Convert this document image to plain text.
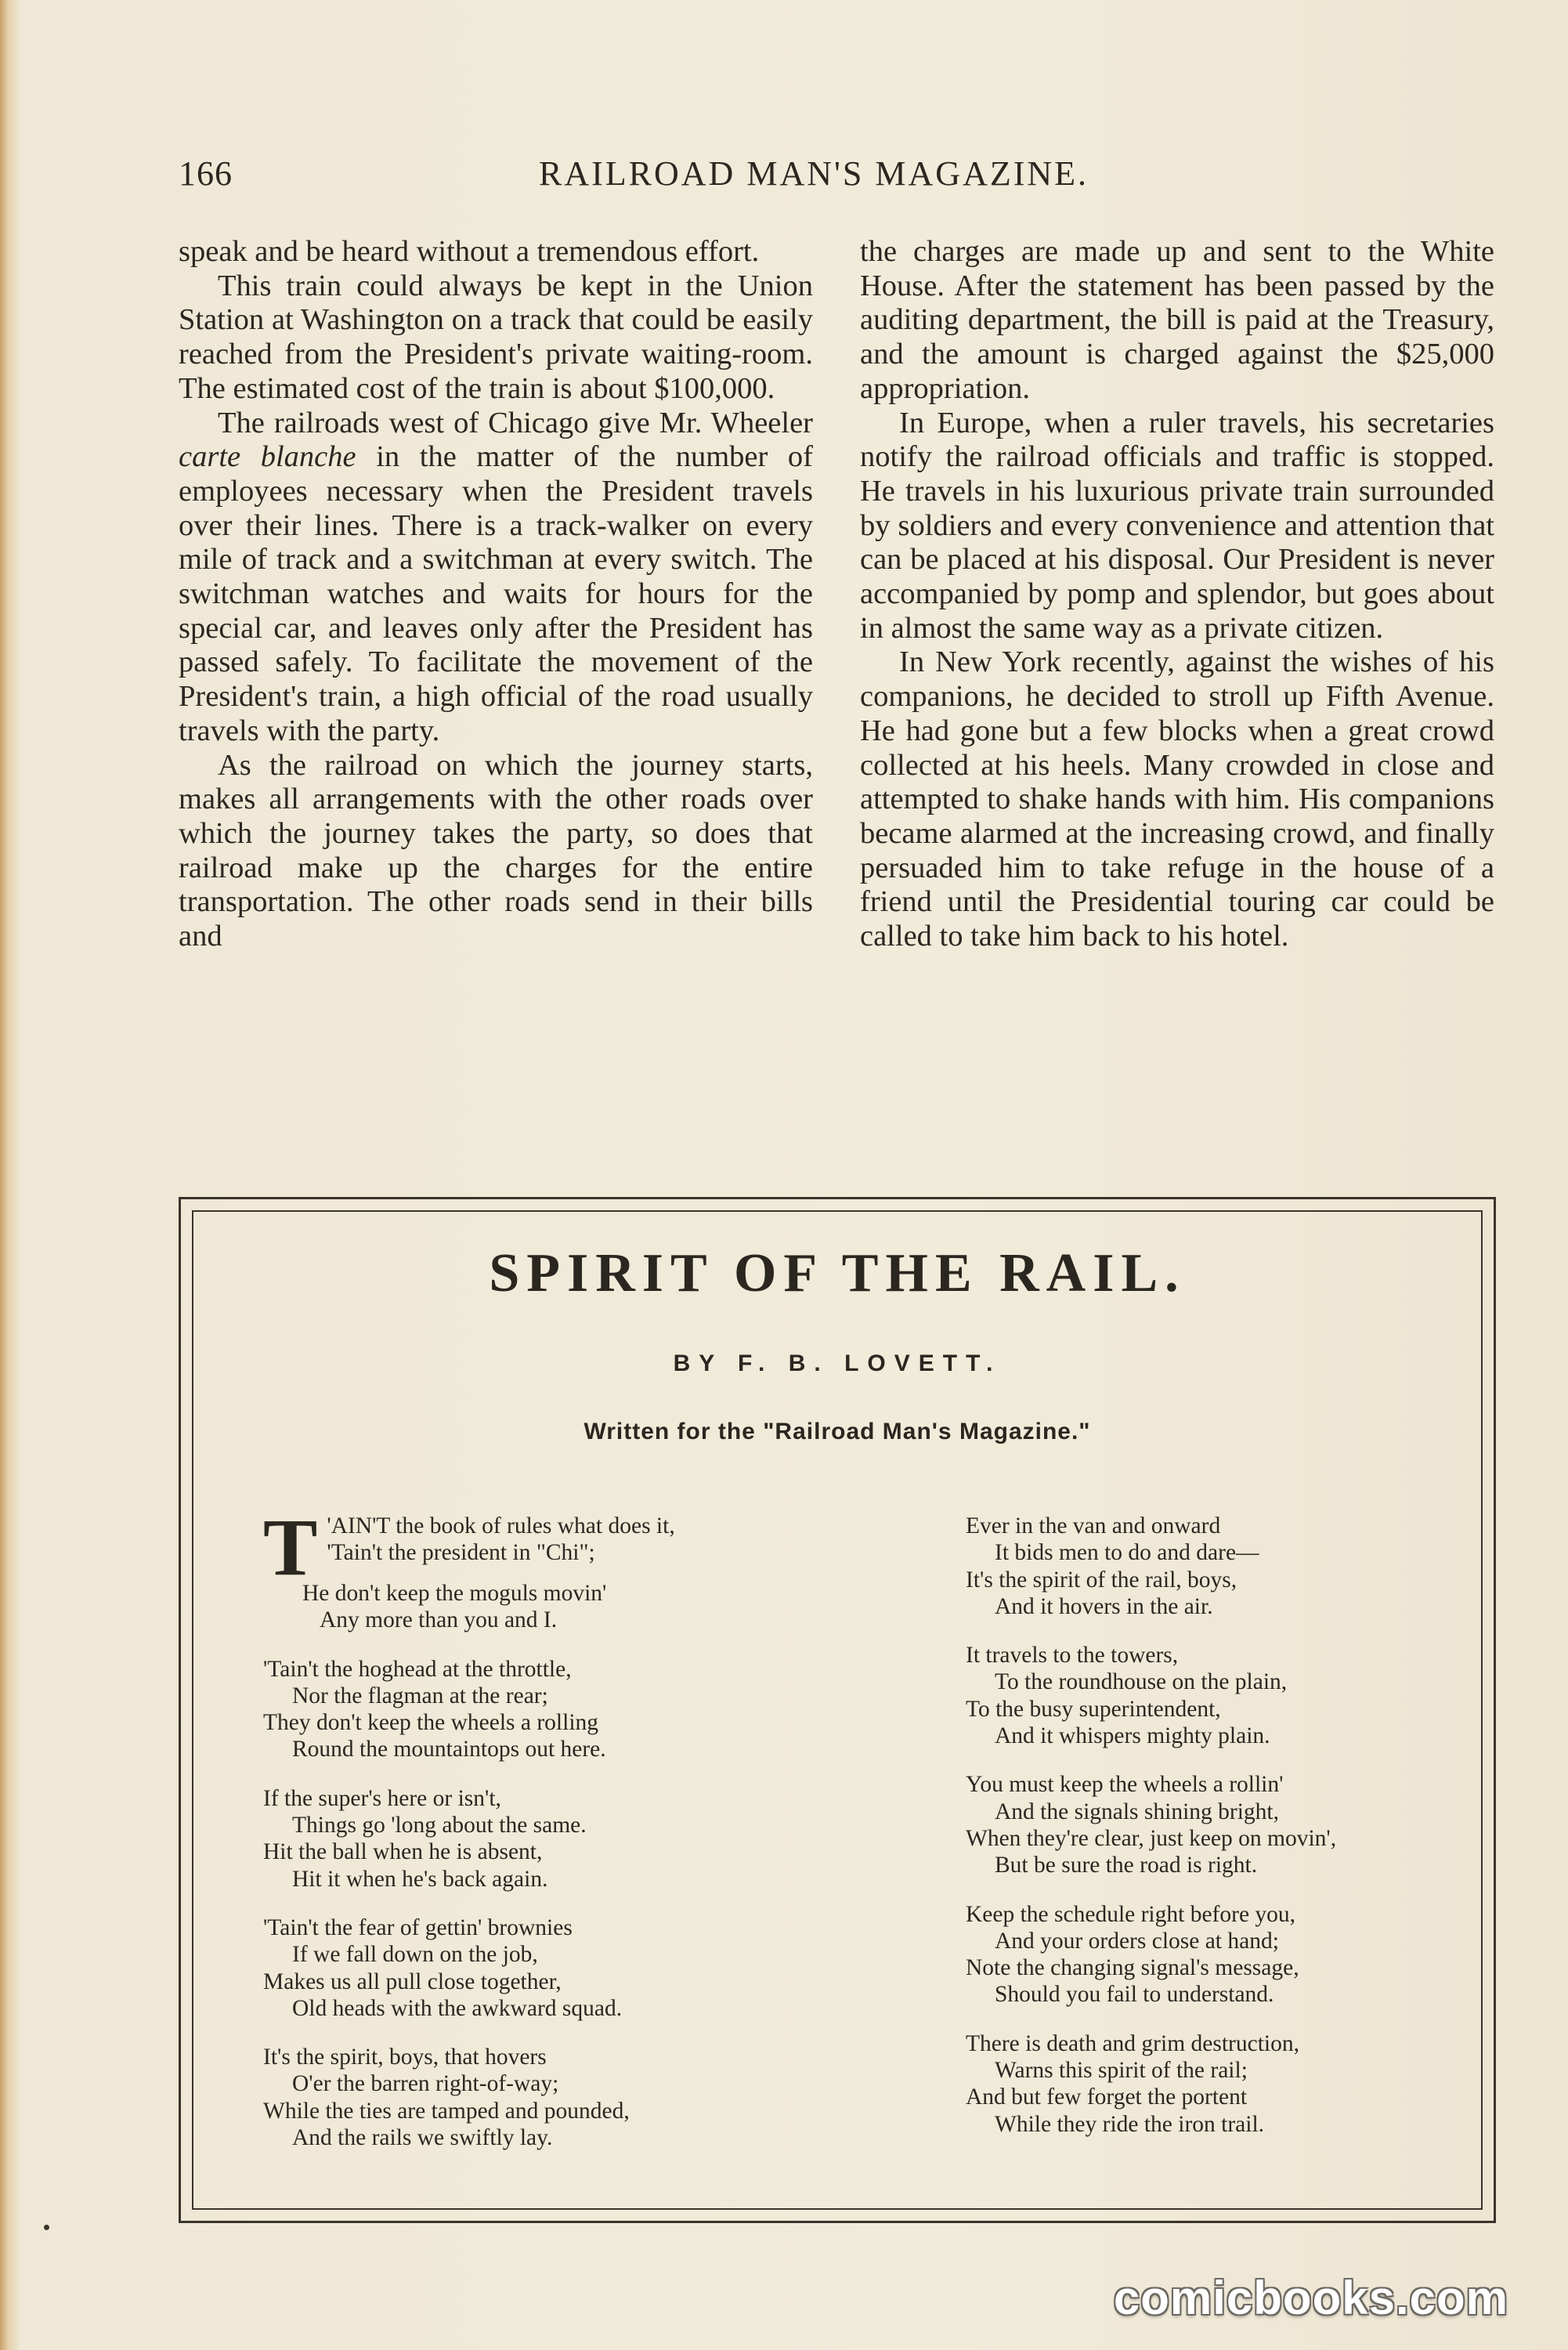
166	RAILROAD MAN'S MAGAZINE.

speak and be heard without a tremendous effort.

This train could always be kept in the Union Station at Washington on a track that could be easily reached from the President's private waiting-room. The estimated cost of the train is about $100,000.

The railroads west of Chicago give Mr. Wheeler carte blanche in the matter of the number of employees necessary when the President travels over their lines. There is a track-walker on every mile of track and a switchman at every switch. The switchman watches and waits for hours for the special car, and leaves only after the President has passed safely. To facilitate the movement of the President's train, a high official of the road usually travels with the party.

As the railroad on which the journey starts, makes all arrangements with the other roads over which the journey takes the party, so does that railroad make up the charges for the entire transportation. The other roads send in their bills and

the charges are made up and sent to the White House. After the statement has been passed by the auditing department, the bill is paid at the Treasury, and the amount is charged against the $25,000 appropriation.

In Europe, when a ruler travels, his secretaries notify the railroad officials and traffic is stopped. He travels in his luxurious private train surrounded by soldiers and every convenience and attention that can be placed at his disposal. Our President is never accompanied by pomp and splendor, but goes about in almost the same way as a private citizen.

In New York recently, against the wishes of his companions, he decided to stroll up Fifth Avenue. He had gone but a few blocks when a great crowd collected at his heels. Many crowded in close and attempted to shake hands with him. His companions became alarmed at the increasing crowd, and finally persuaded him to take refuge in the house of a friend until the Presidential touring car could be called to take him back to his hotel.

SPIRIT OF THE RAIL.
BY F. B. LOVETT.
Written for the "Railroad Man's Magazine."
T 'AIN'T the book of rules what does it,
'Tain't the president in "Chi";
He don't keep the moguls movin'
Any more than you and I.
'Tain't the hoghead at the throttle,
Nor the flagman at the rear;
They don't keep the wheels a rolling
Round the mountaintops out here.
If the super's here or isn't,
Things go 'long about the same.
Hit the ball when he is absent,
Hit it when he's back again.
'Tain't the fear of gettin' brownies
If we fall down on the job,
Makes us all pull close together,
Old heads with the awkward squad.
It's the spirit, boys, that hovers
O'er the barren right-of-way;
While the ties are tamped and pounded,
And the rails we swiftly lay.
Ever in the van and onward
It bids men to do and dare—
It's the spirit of the rail, boys,
And it hovers in the air.
It travels to the towers,
To the roundhouse on the plain,
To the busy superintendent,
And it whispers mighty plain.
You must keep the wheels a rollin'
And the signals shining bright,
When they're clear, just keep on movin',
But be sure the road is right.
Keep the schedule right before you,
And your orders close at hand;
Note the changing signal's message,
Should you fail to understand.
There is death and grim destruction,
Warns this spirit of the rail;
And but few forget the portent
While they ride the iron trail.
comicbooks.com
